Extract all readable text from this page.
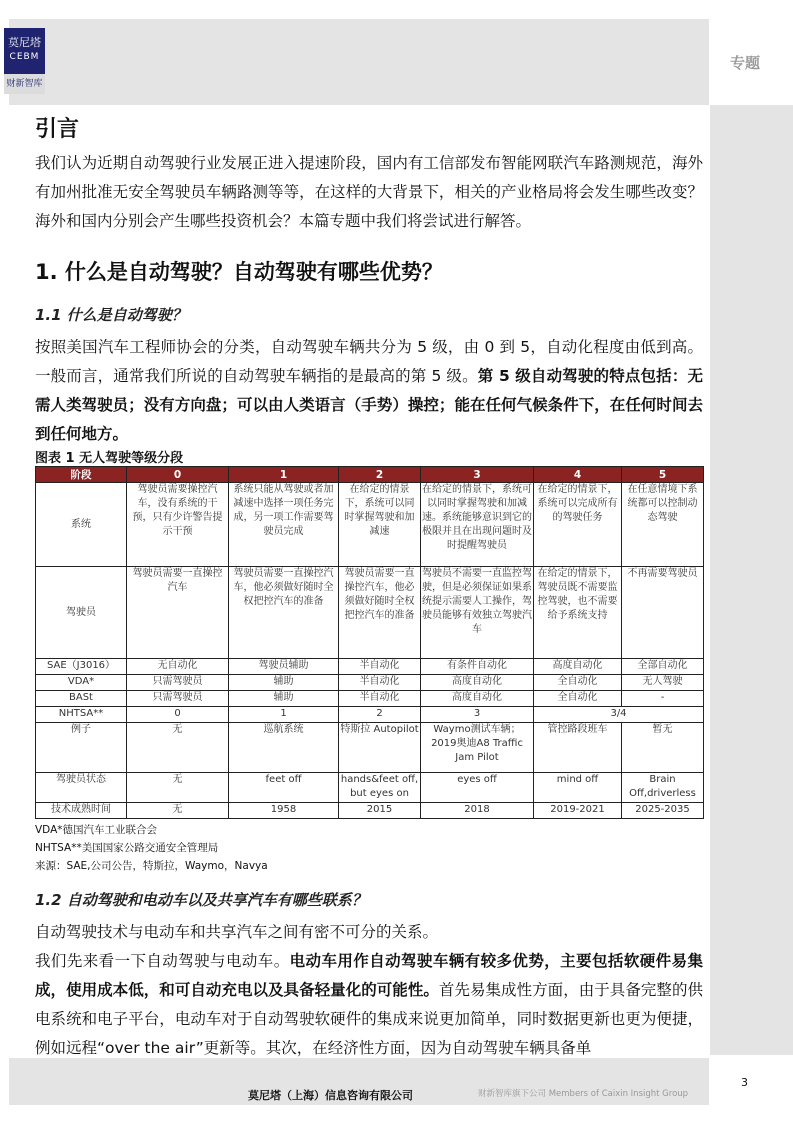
莫尼塔
CEBM
财新智库
专题
引言

我们认为近期自动驾驶行业发展正进入提速阶段，国内有工信部发布智能网联汽车路测规范，海外有加州批准无安全驾驶员车辆路测等等，在这样的大背景下，相关的产业格局将会发生哪些改变？海外和国内分别会产生哪些投资机会？本篇专题中我们将尝试进行解答。

1. 什么是自动驾驶？自动驾驶有哪些优势？
1.1 什么是自动驾驶？

按照美国汽车工程师协会的分类，自动驾驶车辆共分为 5 级，由 0 到 5，自动化程度由低到高。一般而言，通常我们所说的自动驾驶车辆指的是最高的第 5 级。第 5 级自动驾驶的特点包括：无需人类驾驶员；没有方向盘；可以由人类语言（手势）操控；能在任何气候条件下，在任何时间去到任何地方。

图表 1 无人驾驶等级分段
阶段	0	1	2	3	4	5
系统	驾驶员需要操控汽车，没有系统的干预，只有少许警告提示干预	系统只能从驾驶或者加减速中选择一项任务完成，另一项工作需要驾驶员完成	在给定的情景下，系统可以同时掌握驾驶和加减速	在给定的情景下，系统可以同时掌握驾驶和加减速。系统能够意识到它的极限并且在出现问题时及时提醒驾驶员	在给定的情景下，系统可以完成所有的驾驶任务	在任意情境下系统都可以控制动态驾驶
驾驶员	驾驶员需要一直操控汽车	驾驶员需要一直操控汽车，他必须做好随时全权把控汽车的准备	驾驶员需要一直操控汽车，他必须做好随时全权把控汽车的准备	驾驶员不需要一直监控驾驶，但是必须保证如果系统提示需要人工操作，驾驶员能够有效独立驾驶汽车	在给定的情景下，驾驶员既不需要监控驾驶，也不需要给予系统支持	不再需要驾驶员
SAE（J3016）	无自动化	驾驶员辅助	半自动化	有条件自动化	高度自动化	全部自动化
VDA*	只需驾驶员	辅助	半自动化	高度自动化	全自动化	无人驾驶
BASt	只需驾驶员	辅助	半自动化	高度自动化	全自动化	-
NHTSA**	0	1	2	3	3/4	
例子	无	巡航系统	特斯拉 Autopilot	Waymo测试车辆；2019奥迪A8 Traffic Jam Pilot	管控路段班车	暂无
驾驶员状态	无	feet off	hands&feet off, but eyes on	eyes off	mind off	Brain Off,driverless
技术成熟时间	无	1958	2015	2018	2019-2021	2025-2035
VDA*德国汽车工业联合会
NHTSA**美国国家公路交通安全管理局
来源：SAE,公司公告，特斯拉，Waymo，Navya
1.2 自动驾驶和电动车以及共享汽车有哪些联系？

自动驾驶技术与电动车和共享汽车之间有密不可分的关系。

我们先来看一下自动驾驶与电动车。电动车用作自动驾驶车辆有较多优势，主要包括软硬件易集成，使用成本低，和可自动充电以及具备轻量化的可能性。首先易集成性方面，由于具备完整的供电系统和电子平台，电动车对于自动驾驶软硬件的集成来说更加简单，同时数据更新也更为便捷，例如远程“over the air”更新等。其次，在经济性方面，因为自动驾驶车辆具备单

莫尼塔（上海）信息咨询有限公司	财新智库旗下公司 Members of Caixin Insight Group
3
